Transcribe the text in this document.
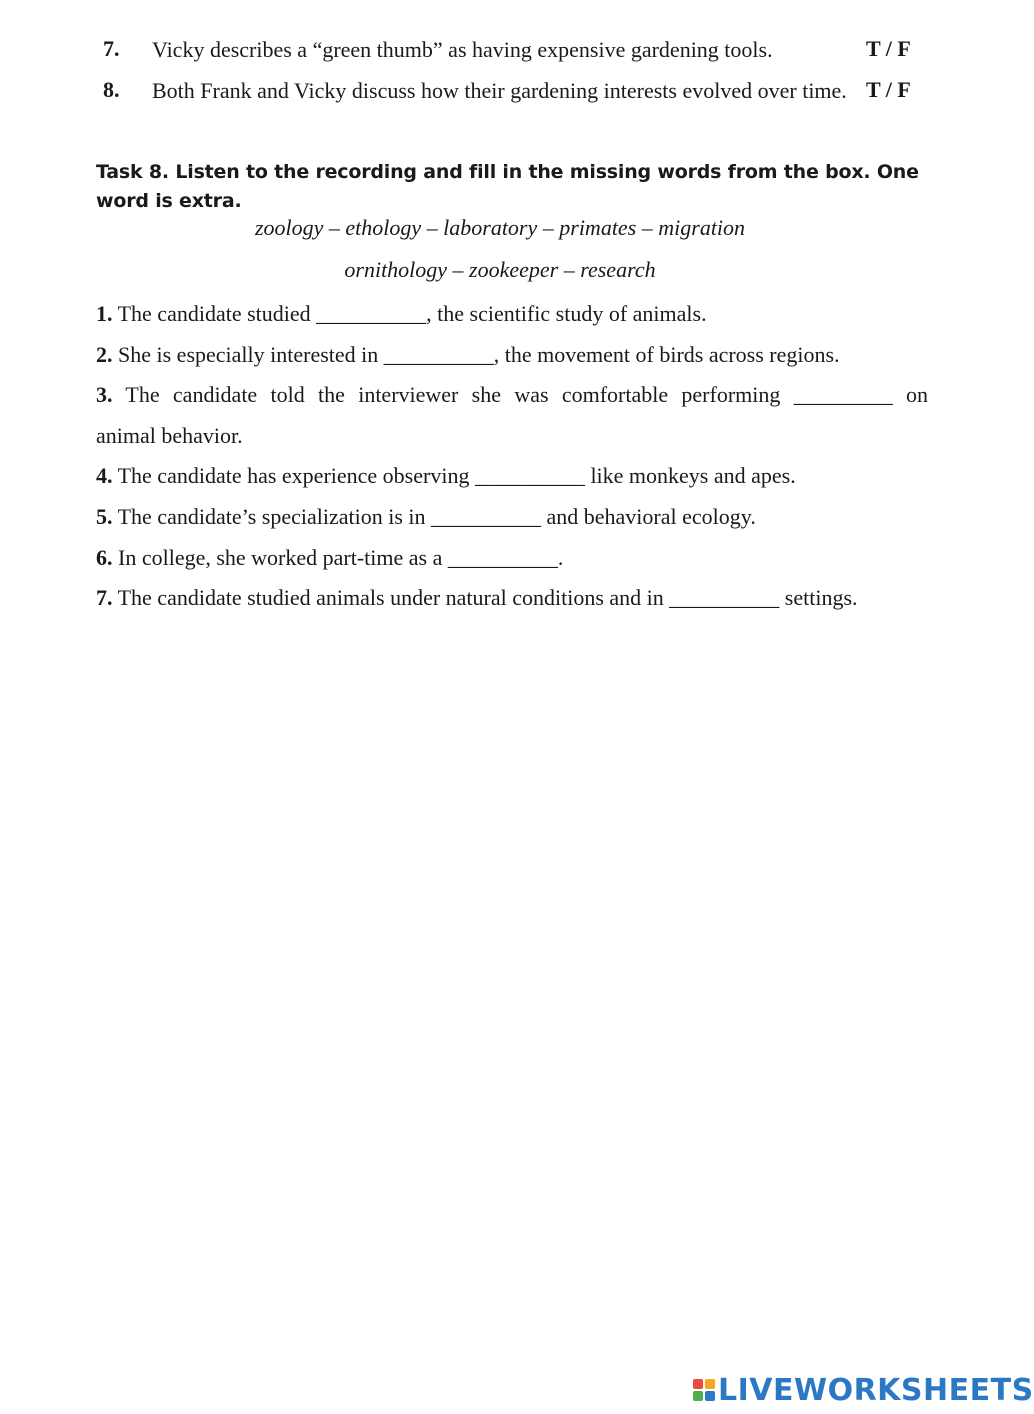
7. Vicky describes a “green thumb” as having expensive gardening tools.	T / F
8. Both Frank and Vicky discuss how their gardening interests evolved over time. T / F
Task 8. Listen to the recording and fill in the missing words from the box. One word is extra.
zoology – ethology – laboratory – primates – migration
ornithology – zookeeper – research
1. The candidate studied __________, the scientific study of animals.
2. She is especially interested in __________, the movement of birds across regions.
3. The candidate told the interviewer she was comfortable performing _________ on
animal behavior.
4. The candidate has experience observing __________ like monkeys and apes.
5. The candidate’s specialization is in __________ and behavioral ecology.
6. In college, she worked part-time as a __________.
7. The candidate studied animals under natural conditions and in __________ settings.
LIVEWORKSHEETS
